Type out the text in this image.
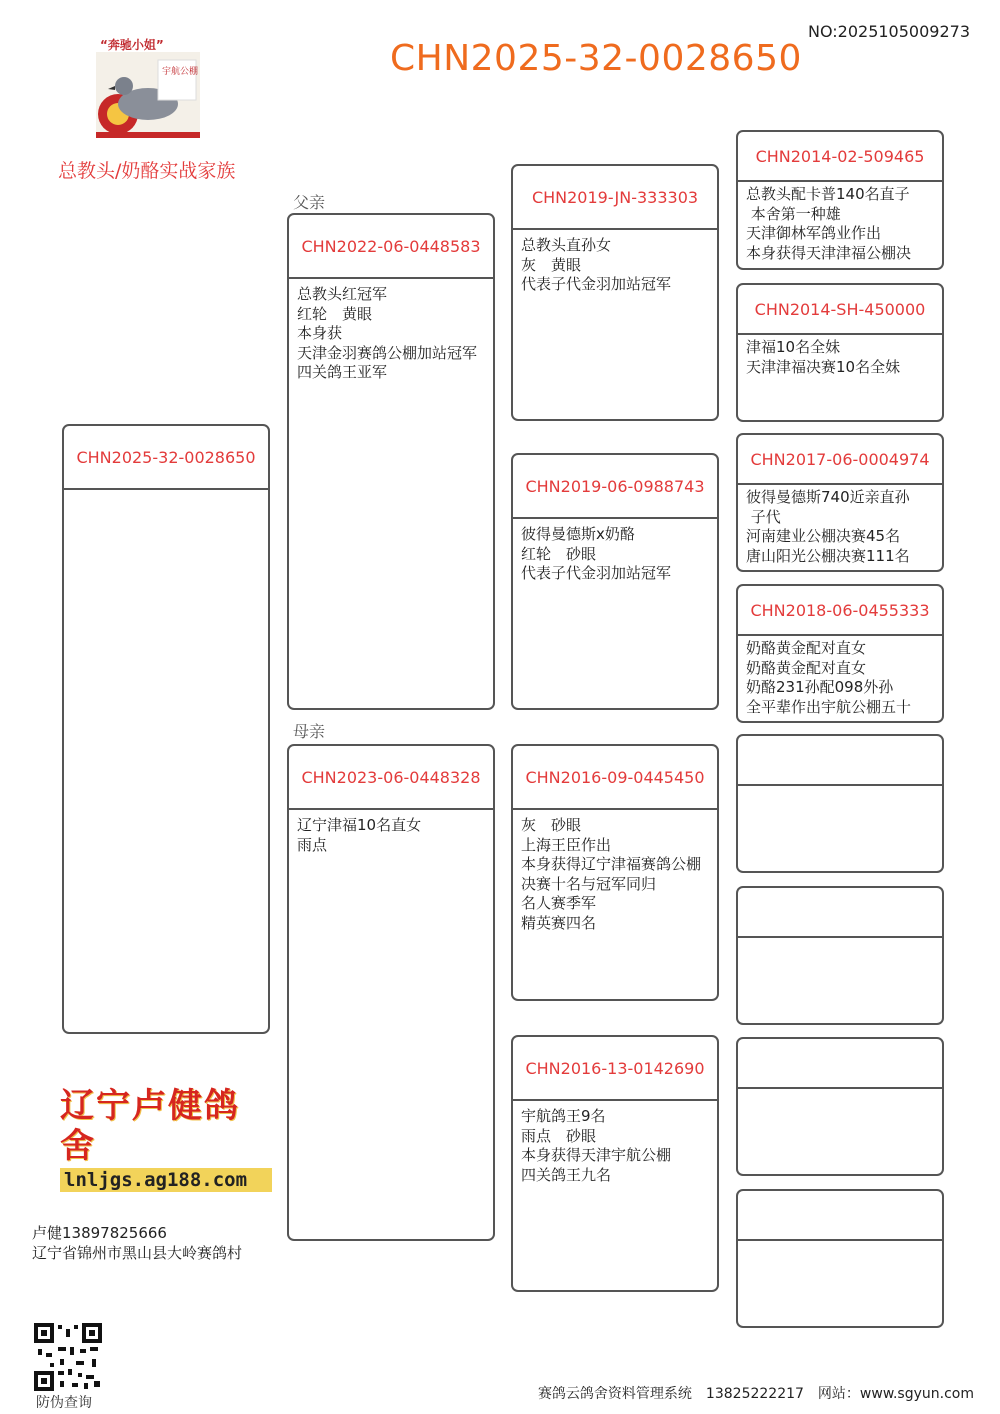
NO:2025105009273
CHN2025-32-0028650
“奔驰小姐”
宇航公棚
总教头/奶酪实战家族
父亲
母亲
CHN2025-32-0028650
CHN2022-06-0448583
总教头红冠军
红轮　黄眼
本身获
天津金羽赛鸽公棚加站冠军
四关鸽王亚军
CHN2023-06-0448328
辽宁津福10名直女
雨点
CHN2019-JN-333303
总教头直孙女
灰　黄眼
代表子代金羽加站冠军
CHN2019-06-0988743
彼得曼德斯x奶酪
红轮　砂眼
代表子代金羽加站冠军
CHN2016-09-0445450
灰　砂眼
上海王臣作出
本身获得辽宁津福赛鸽公棚
决赛十名与冠军同归
名人赛季军
精英赛四名
CHN2016-13-0142690
宇航鸽王9名
雨点　砂眼
本身获得天津宇航公棚
四关鸽王九名
CHN2014-02-509465
总教头配卡普140名直子
本舍第一种雄
天津御林军鸽业作出
本身获得天津津福公棚决
CHN2014-SH-450000
津福10名全妹
天津津福决赛10名全妹
CHN2017-06-0004974
彼得曼德斯740近亲直孙
子代
河南建业公棚决赛45名
唐山阳光公棚决赛111名
CHN2018-06-0455333
奶酪黄金配对直女
奶酪黄金配对直女
奶酪231孙配098外孙
全平辈作出宇航公棚五十
辽宁卢健鸽舍
lnljgs.ag188.com
卢健13897825666
辽宁省锦州市黑山县大岭赛鸽村
防伪查询
赛鸽云鸽舍资料管理系统　13825222217　网站：www.sgyun.com
